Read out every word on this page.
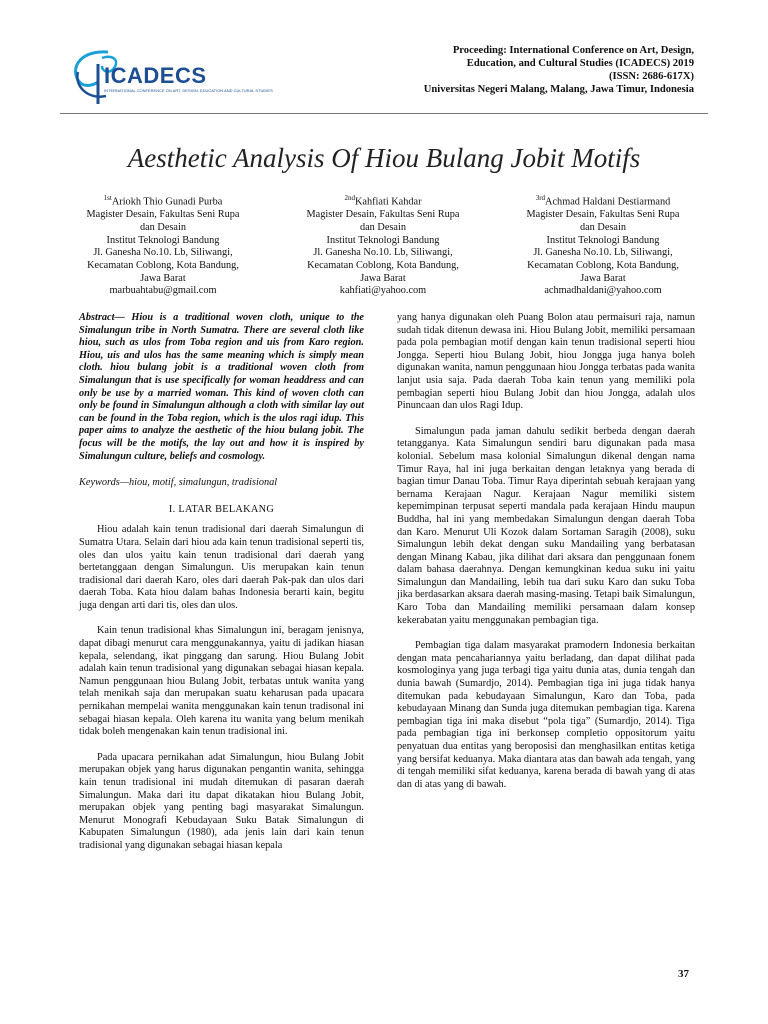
ICADECS
INTERNATIONAL CONFERENCE ON ART, DESIGN, EDUCATION AND CULTURAL STUDIES
Proceeding: International Conference on Art, Design,
Education, and Cultural Studies (ICADECS) 2019
(ISSN: 2686-617X)
Universitas Negeri Malang, Malang, Jawa Timur, Indonesia
Aesthetic Analysis Of Hiou Bulang Jobit Motifs
$^{1st}$Ariokh Thio Gunadi Purba
Magister Desain, Fakultas Seni Rupa
dan Desain
Institut Teknologi Bandung
Jl. Ganesha No.10. Lb, Siliwangi,
Kecamatan Coblong, Kota Bandung,
Jawa Barat
marbuahtabu@gmail.com
$^{2nd}$Kahfiati Kahdar
Magister Desain, Fakultas Seni Rupa
dan Desain
Institut Teknologi Bandung
Jl. Ganesha No.10. Lb, Siliwangi,
Kecamatan Coblong, Kota Bandung,
Jawa Barat
kahfiati@yahoo.com
$^{3rd}$Achmad Haldani Destiarmand
Magister Desain, Fakultas Seni Rupa
dan Desain
Institut Teknologi Bandung
Jl. Ganesha No.10. Lb, Siliwangi,
Kecamatan Coblong, Kota Bandung,
Jawa Barat
achmadhaldani@yahoo.com

Abstract— Hiou is a traditional woven cloth, unique to the Simalungun tribe in North Sumatra. There are several cloth like hiou, such as ulos from Toba region and uis from Karo region. Hiou, uis and ulos has the same meaning which is simply mean cloth. hiou bulang jobit is a traditional woven cloth from Simalungun that is use specifically for woman headdress and can only be use by a married woman. This kind of woven cloth can only be found in Simalungun although a cloth with similar lay out can be found in the Toba region, which is the ulos ragi idup. This paper aims to analyze the aesthetic of the hiou bulang jobit. The focus will be the motifs, the lay out and how it is inspired by Simalungun culture, beliefs and cosmology.

Keywords—hiou, motif, simalungun, tradisional

I. LATAR BELAKANG

Hiou adalah kain tenun tradisional dari daerah Simalungun di Sumatra Utara. Selain dari hiou ada kain tenun tradisional seperti tis, oles dan ulos yaitu kain tenun tradisional dari daerah yang bertetanggaan dengan Simalungun. Uis merupakan kain tenun tradisional dari daerah Karo, oles dari daerah Pak-pak dan ulos dari daerah Toba. Kata hiou dalam bahas Indonesia berarti kain, begitu juga dengan arti dari tis, oles dan ulos.

Kain tenun tradisional khas Simalungun ini, beragam jenisnya, dapat dibagi menurut cara menggunakannya, yaitu di jadikan hiasan kepala, selendang, ikat pinggang dan sarung. Hiou Bulang Jobit adalah kain tenun tradisional yang digunakan sebagai hiasan kepala. Namun penggunaan hiou Bulang Jobit, terbatas untuk wanita yang telah menikah saja dan merupakan suatu keharusan pada upacara pernikahan mempelai wanita menggunakan kain tenun tradisonal ini sebagai hiasan kepala. Oleh karena itu wanita yang belum menikah tidak boleh mengenakan kain tenun tradisional ini.

Pada upacara pernikahan adat Simalungun, hiou Bulang Jobit merupakan objek yang harus digunakan pengantin wanita, sehingga kain tenun tradisional ini mudah ditemukan di pasaran daerah Simalungun. Maka dari itu dapat dikatakan hiou Bulang Jobit, merupakan objek yang penting bagi masyarakat Simalungun. Menurut Monografi Kebudayaan Suku Batak Simalungun di Kabupaten Simalungun (1980), ada jenis lain dari kain tenun tradisional yang digunakan sebagai hiasan kepala

yang hanya digunakan oleh Puang Bolon atau permaisuri raja, namun sudah tidak ditenun dewasa ini. Hiou Bulang Jobit, memiliki persamaan pada pola pembagian motif dengan kain tenun tradisional seperti hiou Jongga. Seperti hiou Bulang Jobit, hiou Jongga juga hanya boleh digunakan wanita, namun penggunaan hiou Jongga terbatas pada wanita lanjut usia saja. Pada daerah Toba kain tenun yang memiliki pola pembagian seperti hiou Bulang Jobit dan hiou Jongga, adalah ulos Pinuncaan dan ulos Ragi Idup.

Simalungun pada jaman dahulu sedikit berbeda dengan daerah tetangganya. Kata Simalungun sendiri baru digunakan pada masa kolonial. Sebelum masa kolonial Simalungun dikenal dengan nama Timur Raya, hal ini juga berkaitan dengan letaknya yang berada di bagian timur Danau Toba. Timur Raya diperintah sebuah kerajaan yang bernama Kerajaan Nagur. Kerajaan Nagur memiliki sistem kepemimpinan terpusat seperti mandala pada kerajaan Hindu maupun Buddha, hal ini yang membedakan Simalungun dengan daerah Toba dan Karo. Menurut Uli Kozok dalam Sortaman Saragih (2008), suku Simalungun lebih dekat dengan suku Mandailing yang berbatasan dengan Minang Kabau, jika dilihat dari aksara dan penggunaan fonem dalam bahasa daerahnya. Dengan kemungkinan kedua suku ini yaitu Simalungun dan Mandailing, lebih tua dari suku Karo dan suku Toba jika berdasarkan aksara daerah masing-masing. Tetapi baik Simalungun, Karo Toba dan Mandailing memiliki persamaan dalam konsep kekerabatan yaitu menggunakan pembagian tiga.

Pembagian tiga dalam masyarakat pramodern Indonesia berkaitan dengan mata pencahariannya yaitu berladang, dan dapat dilihat pada kosmologinya yang juga terbagi tiga yaitu dunia atas, dunia tengah dan dunia bawah (Sumardjo, 2014). Pembagian tiga ini juga tidak hanya ditemukan pada kebudayaan Simalungun, Karo dan Toba, pada kebudayaan Minang dan Sunda juga ditemukan pembagian tiga. Karena pembagian tiga ini maka disebut “pola tiga” (Sumardjo, 2014). Tiga pada pembagian tiga ini berkonsep completio oppositorum yaitu penyatuan dua entitas yang beroposisi dan menghasilkan entitas ketiga yang bersifat keduanya. Maka diantara atas dan bawah ada tengah, yang di tengah memiliki sifat keduanya, karena berada di bawah yang di atas dan di atas yang di bawah.

37
